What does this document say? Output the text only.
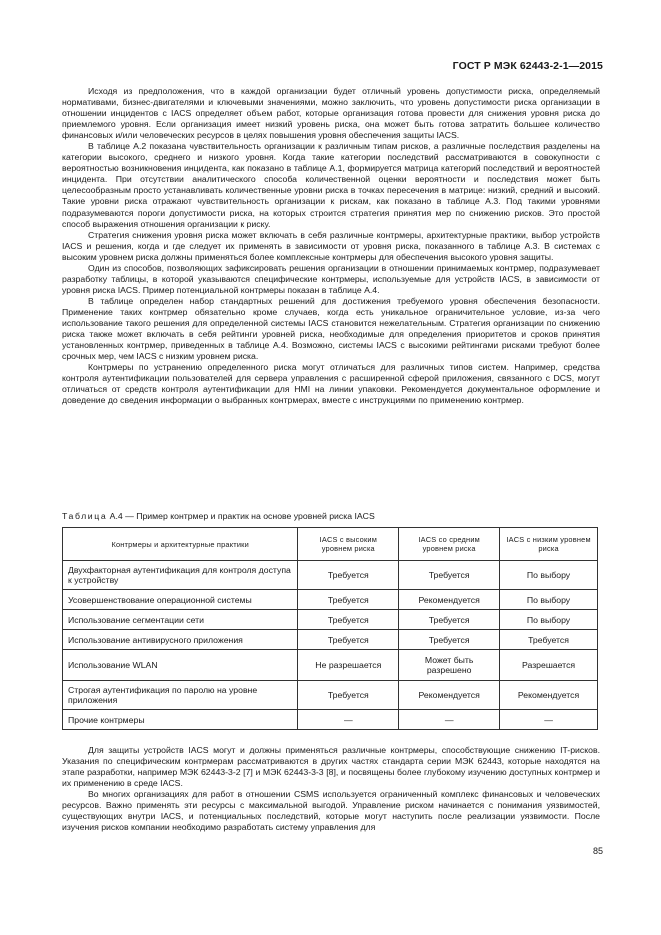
ГОСТ Р МЭК 62443-2-1—2015

Исходя из предположения, что в каждой организации будет отличный уровень допустимости риска, определяемый нормативами, бизнес-двигателями и ключевыми значениями, можно заключить, что уровень допустимости риска организации в отношении инцидентов с IACS определяет объем работ, которые организация готова провести для снижения уровня риска до приемлемого уровня. Если организация имеет низкий уровень риска, она может быть готова затратить большее количество финансовых и/или человеческих ресурсов в целях повышения уровня обеспечения защиты IACS.

В таблице А.2 показана чувствительность организации к различным типам рисков, а различные последствия разделены на категории высокого, среднего и низкого уровня. Когда такие категории последствий рассматриваются в совокупности с вероятностью возникновения инцидента, как показано в таблице А.1, формируется матрица категорий последствий и вероятностей инцидента. При отсутствии аналитического способа количественной оценки вероятности и последствия может быть целесообразным просто устанавливать количественные уровни риска в точках пересечения в матрице: низкий, средний и высокий. Такие уровни риска отражают чувствительность организации к рискам, как показано в таблице А.3. Под такими уровнями подразумеваются пороги допустимости риска, на которых строится стратегия принятия мер по снижению рисков. Это простой способ выражения отношения организации к риску.

Стратегия снижения уровня риска может включать в себя различные контрмеры, архитектурные практики, выбор устройств IACS и решения, когда и где следует их применять в зависимости от уровня риска, показанного в таблице А.3. В системах с высоким уровнем риска должны применяться более комплексные контрмеры для обеспечения высокого уровня защиты.

Один из способов, позволяющих зафиксировать решения организации в отношении принимаемых контрмер, подразумевает разработку таблицы, в которой указываются специфические контрмеры, используемые для устройств IACS, в зависимости от уровня риска IACS. Пример потенциальной контрмеры показан в таблице А.4.

В таблице определен набор стандартных решений для достижения требуемого уровня обеспечения безопасности. Применение таких контрмер обязательно кроме случаев, когда есть уникальное ограничительное условие, из-за чего использование такого решения для определенной системы IACS становится нежелательным. Стратегия организации по снижению риска также может включать в себя рейтинги уровней риска, необходимые для определения приоритетов и сроков принятия установленных контрмер, приведенных в таблице А.4. Возможно, системы IACS с высокими рейтингами рисками требуют более срочных мер, чем IACS с низким уровнем риска.

Контрмеры по устранению определенного риска могут отличаться для различных типов систем. Например, средства контроля аутентификации пользователей для сервера управления с расширенной сферой приложения, связанного с DCS, могут отличаться от средств контроля аутентификации для HMI на линии упаковки. Рекомендуется документальное оформление и доведение до сведения информации о выбранных контрмерах, вместе с инструкциями по применению контрмер.

Таблица А.4 — Пример контрмер и практик на основе уровней риска IACS
Контрмеры и архитектурные практики	IACS с высоким уровнем риска	IACS со средним уровнем риска	IACS с низким уровнем риска
Двухфакторная аутентификация для контроля доступа к устройству	Требуется	Требуется	По выбору
Усовершенствование операционной системы	Требуется	Рекомендуется	По выбору
Использование сегментации сети	Требуется	Требуется	По выбору
Использование антивирусного приложения	Требуется	Требуется	Требуется
Использование WLAN	Не разрешается	Может быть разрешено	Разрешается
Строгая аутентификация по паролю на уровне приложения	Требуется	Рекомендуется	Рекомендуется
Прочие контрмеры	—	—	—

Для защиты устройств IACS могут и должны применяться различные контрмеры, способствующие снижению IT-рисков. Указания по специфическим контрмерам рассматриваются в других частях стандарта серии МЭК 62443, которые находятся на этапе разработки, например МЭК 62443-3-2 [7] и МЭК 62443-3-3 [8], и посвящены более глубокому изучению доступных контрмер и их применению в среде IACS.

Во многих организациях для работ в отношении CSMS используется ограниченный комплекс финансовых и человеческих ресурсов. Важно применять эти ресурсы с максимальной выгодой. Управление риском начинается с понимания уязвимостей, существующих внутри IACS, и потенциальных последствий, которые могут наступить после реализации уязвимости. После изучения рисков компании необходимо разработать систему управления для

85
